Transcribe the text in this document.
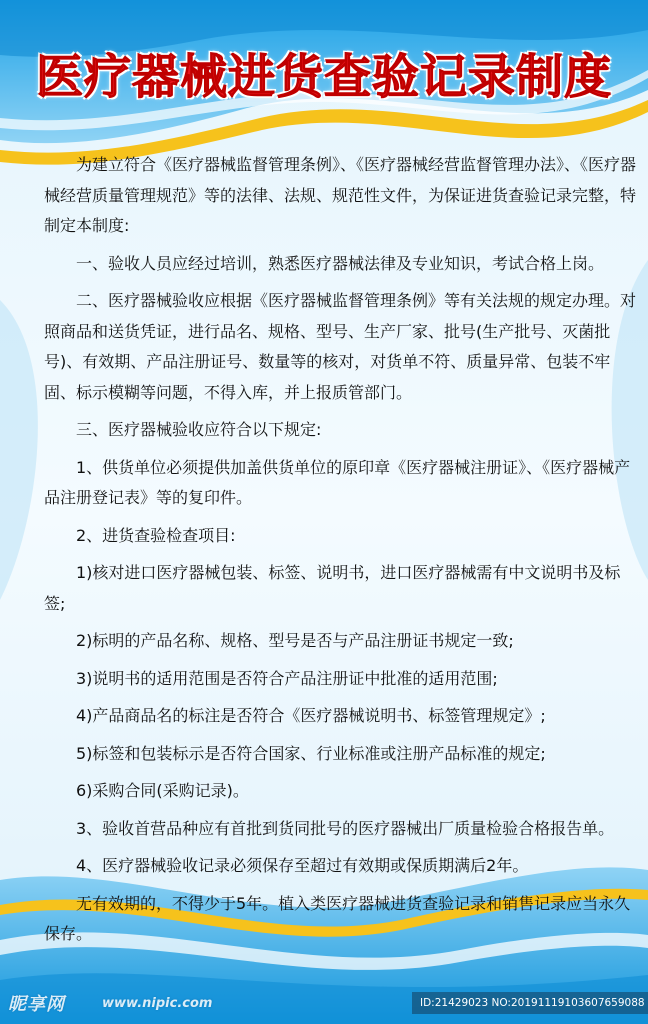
医疗器械进货查验记录制度

为建立符合《医疗器械监督管理条例》、《医疗器械经营监督管理办法》、《医疗器械经营质量管理规范》等的法律、法规、规范性文件，为保证进货查验记录完整，特制定本制度:

一、验收人员应经过培训，熟悉医疗器械法律及专业知识，考试合格上岗。

二、医疗器械验收应根据《医疗器械监督管理条例》等有关法规的规定办理。对照商品和送货凭证，进行品名、规格、型号、生产厂家、批号(生产批号、灭菌批号)、有效期、产品注册证号、数量等的核对，对货单不符、质量异常、包装不牢固、标示模糊等问题，不得入库，并上报质管部门。

三、医疗器械验收应符合以下规定:

1、供货单位必须提供加盖供货单位的原印章《医疗器械注册证》、《医疗器械产品注册登记表》等的复印件。

2、进货查验检查项目:

1)核对进口医疗器械包装、标签、说明书，进口医疗器械需有中文说明书及标签;

2)标明的产品名称、规格、型号是否与产品注册证书规定一致;

3)说明书的适用范围是否符合产品注册证中批准的适用范围;

4)产品商品名的标注是否符合《医疗器械说明书、标签管理规定》;

5)标签和包装标示是否符合国家、行业标准或注册产品标准的规定;

6)采购合同(采购记录)。

3、验收首营品种应有首批到货同批号的医疗器械出厂质量检验合格报告单。

4、医疗器械验收记录必须保存至超过有效期或保质期满后2年。

无有效期的，不得少于5年。植入类医疗器械进货查验记录和销售记录应当永久保存。

昵享网	www.nipic.com	ID:21429023 NO:20191119103607659088
